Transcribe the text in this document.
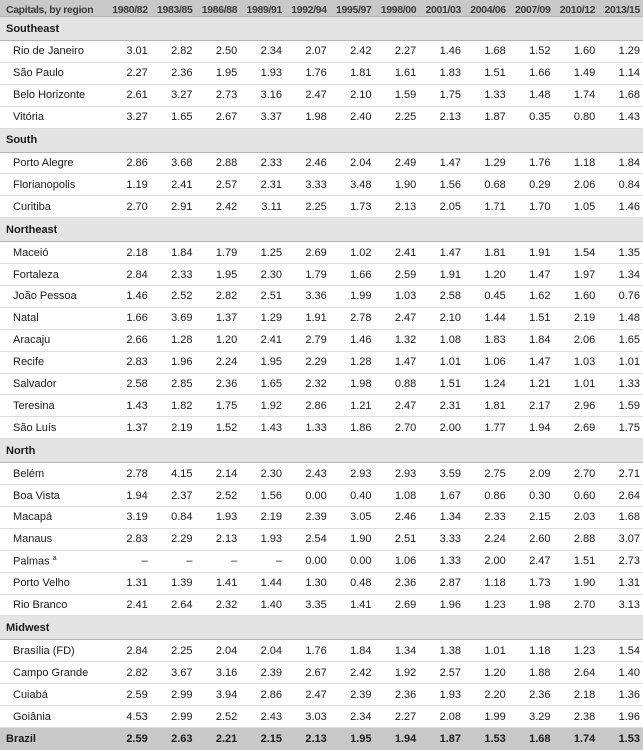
Capitals, by region	1980/82	1983/85	1986/88	1989/91	1992/94	1995/97	1998/00	2001/03	2004/06	2007/09	2010/12	2013/15
Southeast												
Rio de Janeiro	3.01	2.82	2.50	2.34	2.07	2.42	2.27	1.46	1.68	1.52	1.60	1.29
São Paulo	2.27	2.36	1.95	1.93	1.76	1.81	1.61	1.83	1.51	1.66	1.49	1.14
Belo Horizonte	2.61	3.27	2.73	3.16	2.47	2.10	1.59	1.75	1.33	1.48	1.74	1.68
Vitória	3.27	1.65	2.67	3.37	1.98	2.40	2.25	2.13	1.87	0.35	0.80	1.43
South												
Porto Alegre	2.86	3.68	2.88	2.33	2.46	2.04	2.49	1.47	1.29	1.76	1.18	1.84
Florianopolis	1.19	2.41	2.57	2.31	3.33	3.48	1.90	1.56	0.68	0.29	2.06	0.84
Curitiba	2.70	2.91	2.42	3.11	2.25	1.73	2.13	2.05	1.71	1.70	1.05	1.46
Northeast												
Maceió	2.18	1.84	1.79	1.25	2.69	1.02	2.41	1.47	1.81	1.91	1.54	1.35
Fortaleza	2.84	2.33	1.95	2.30	1.79	1.66	2.59	1.91	1.20	1.47	1.97	1.34
João Pessoa	1.46	2.52	2.82	2.51	3.36	1.99	1.03	2.58	0.45	1.62	1.60	0.76
Natal	1.66	3.69	1.37	1.29	1.91	2.78	2.47	2.10	1.44	1.51	2.19	1.48
Aracaju	2.66	1.28	1.20	2.41	2.79	1.46	1.32	1.08	1.83	1.84	2.06	1.65
Recife	2.83	1.96	2.24	1.95	2.29	1.28	1.47	1.01	1.06	1.47	1.03	1.01
Salvador	2.58	2.85	2.36	1.65	2.32	1.98	0.88	1.51	1.24	1.21	1.01	1.33
Teresina	1.43	1.82	1.75	1.92	2.86	1.21	2.47	2.31	1.81	2.17	2.96	1.59
São Luís	1.37	2.19	1.52	1.43	1.33	1.86	2.70	2.00	1.77	1.94	2.69	1.75
North												
Belém	2.78	4.15	2.14	2.30	2.43	2.93	2.93	3.59	2.75	2.09	2.70	2.71
Boa Vista	1.94	2.37	2.52	1.56	0.00	0.40	1.08	1.67	0.86	0.30	0.60	2.64
Macapá	3.19	0.84	1.93	2.19	2.39	3.05	2.46	1.34	2.33	2.15	2.03	1.68
Manaus	2.83	2.29	2.13	1.93	2.54	1.90	2.51	3.33	2.24	2.60	2.88	3.07
Palmas $^a$	–	–	–	–	0.00	0.00	1.06	1.33	2.00	2.47	1.51	2.73
Porto Velho	1.31	1.39	1.41	1.44	1.30	0.48	2.36	2.87	1.18	1.73	1.90	1.31
Rio Branco	2.41	2.64	2.32	1.40	3.35	1.41	2.69	1.96	1.23	1.98	2.70	3.13
Midwest												
Brasília (FD)	2.84	2.25	2.04	2.04	1.76	1.84	1.34	1.38	1.01	1.18	1.23	1.54
Campo Grande	2.82	3.67	3.16	2.39	2.67	2.42	1.92	2.57	1.20	1.88	2.64	1.40
Cuiabá	2.59	2.99	3.94	2.86	2.47	2.39	2.36	1.93	2.20	2.36	2.18	1.36
Goiânia	4.53	2.99	2.52	2.43	3.03	2.34	2.27	2.08	1.99	3.29	2.38	1.96
Brazil	2.59	2.63	2.21	2.15	2.13	1.95	1.94	1.87	1.53	1.68	1.74	1.53
